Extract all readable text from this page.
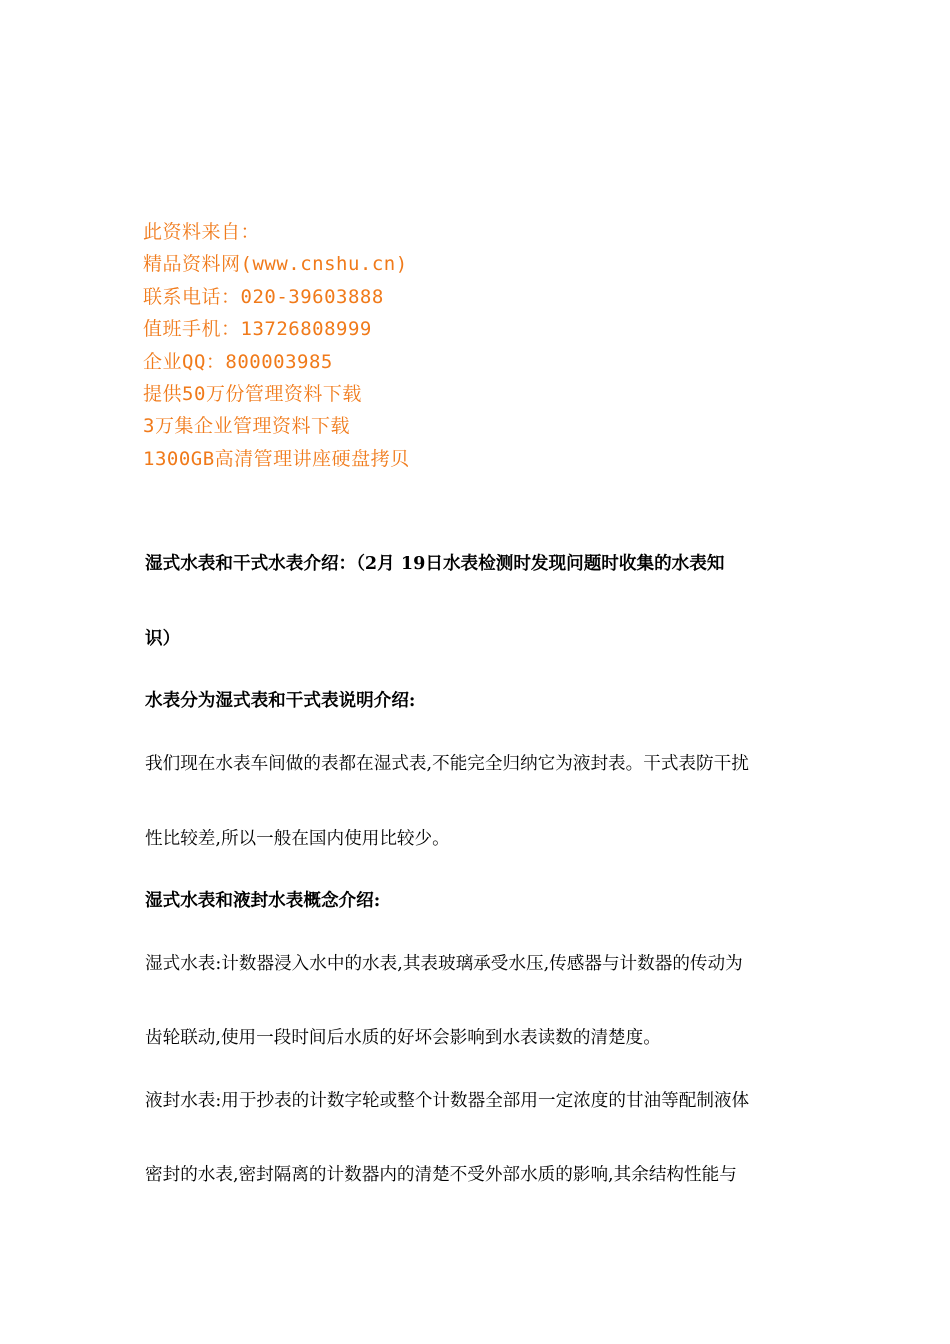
此资料来自：
精品资料网(www.cnshu.cn)
联系电话：020-39603888
值班手机：13726808999
企业QQ：800003985
提供50万份管理资料下载
3万集企业管理资料下载
1300GB高清管理讲座硬盘拷贝
湿式水表和干式水表介绍：（2月 19日水表检测时发现问题时收集的水表知
识）
水表分为湿式表和干式表说明介绍:
我们现在水表车间做的表都在湿式表,不能完全归纳它为液封表。干式表防干扰
性比较差,所以一般在国内使用比较少。
湿式水表和液封水表概念介绍:
湿式水表:计数器浸入水中的水表,其表玻璃承受水压,传感器与计数器的传动为
齿轮联动,使用一段时间后水质的好坏会影响到水表读数的清楚度。
液封水表:用于抄表的计数字轮或整个计数器全部用一定浓度的甘油等配制液体
密封的水表,密封隔离的计数器内的清楚不受外部水质的影响,其余结构性能与
